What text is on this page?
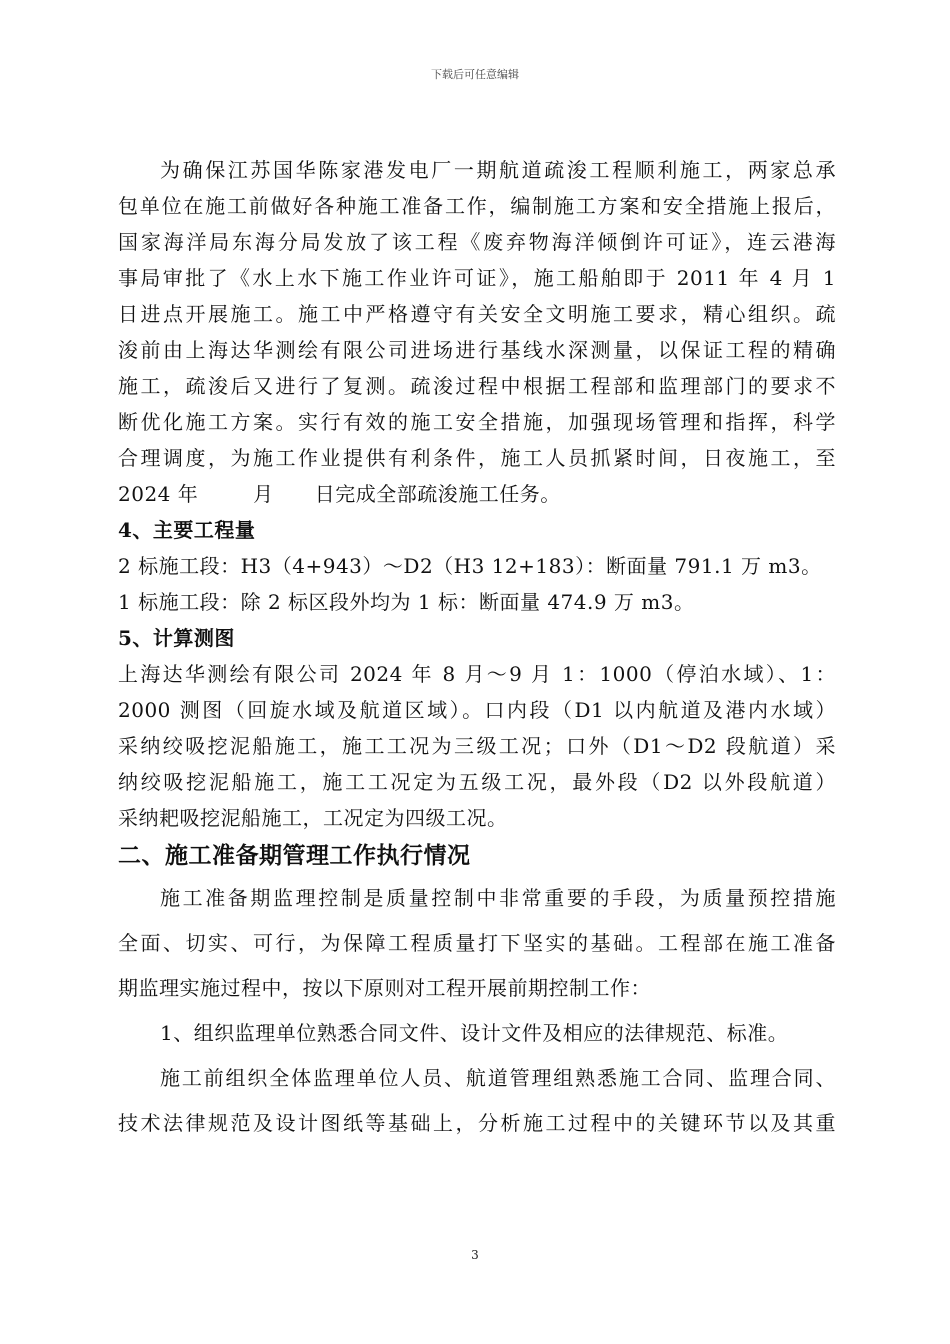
下载后可任意编辑
为确保江苏国华陈家港发电厂一期航道疏浚工程顺利施工，两家总承
包单位在施工前做好各种施工准备工作，编制施工方案和安全措施上报后，
国家海洋局东海分局发放了该工程《废弃物海洋倾倒许可证》，连云港海
事局审批了《水上水下施工作业许可证》，施工船舶即于 2011 年 4 月 1
日进点开展施工。施工中严格遵守有关安全文明施工要求，精心组织。疏
浚前由上海达华测绘有限公司进场进行基线水深测量，以保证工程的精确
施工，疏浚后又进行了复测。疏浚过程中根据工程部和监理部门的要求不
断优化施工方案。实行有效的施工安全措施，加强现场管理和指挥，科学
合理调度，为施工作业提供有利条件，施工人员抓紧时间，日夜施工，至
2024 年        月      日完成全部疏浚施工任务。
4、主要工程量
2 标施工段：H3（4+943）～D2（H3 12+183）：断面量 791.1 万 m3。
1 标施工段：除 2 标区段外均为 1 标：断面量 474.9 万 m3。
5、计算测图
上海达华测绘有限公司 2024 年 8 月～9 月 1：1000（停泊水域）、1：
2000 测图（回旋水域及航道区域）。口内段（D1 以内航道及港内水域）
采纳绞吸挖泥船施工，施工工况为三级工况；口外（D1～D2 段航道）采
纳绞吸挖泥船施工，施工工况定为五级工况，最外段（D2 以外段航道）
采纳耙吸挖泥船施工，工况定为四级工况。
二、施工准备期管理工作执行情况
施工准备期监理控制是质量控制中非常重要的手段，为质量预控措施
全面、切实、可行，为保障工程质量打下坚实的基础。工程部在施工准备
期监理实施过程中，按以下原则对工程开展前期控制工作：
1、组织监理单位熟悉合同文件、设计文件及相应的法律规范、标准。
施工前组织全体监理单位人员、航道管理组熟悉施工合同、监理合同、
技术法律规范及设计图纸等基础上，分析施工过程中的关键环节以及其重
3
